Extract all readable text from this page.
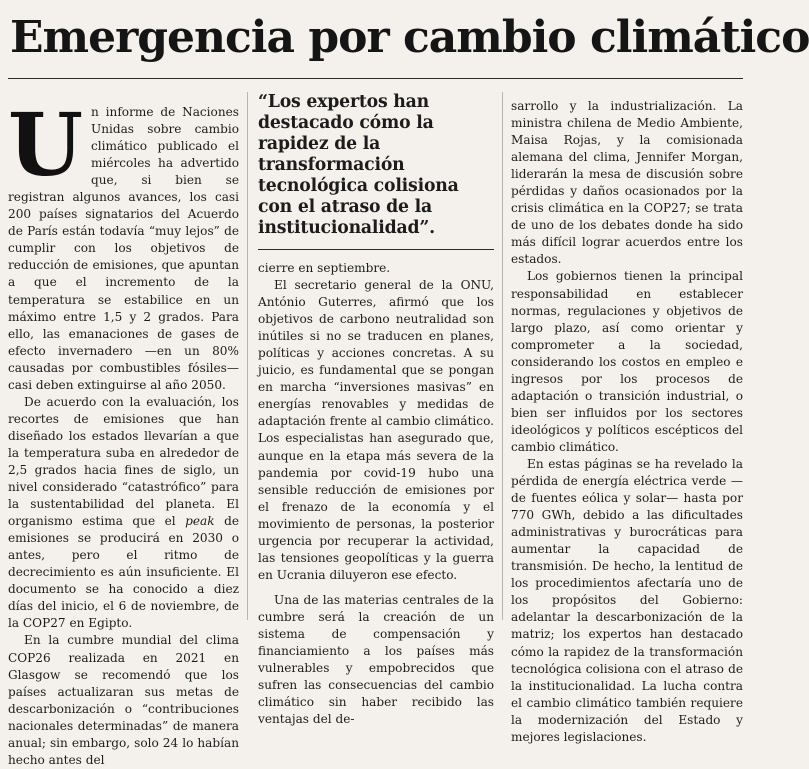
Emergencia por cambio climático
U n informe de Naciones Unidas sobre cambio climático publicado el miércoles ha advertido que, si bien se registran algunos avances, los casi 200 países signatarios del Acuerdo de París están todavía “muy lejos” de cumplir con los objetivos de reducción de emisiones, que apuntan a que el incremento de la temperatura se estabilice en un máximo entre 1,5 y 2 grados. Para ello, las emanaciones de gases de efecto invernadero —en un 80% causadas por combustibles fósiles— casi deben extinguirse al año 2050.

De acuerdo con la evaluación, los recortes de emisiones que han diseñado los estados llevarían a que la temperatura suba en alrededor de 2,5 grados hacia fines de siglo, un nivel considerado “catastrófico” para la sustentabilidad del planeta. El organismo estima que el peak de emisiones se producirá en 2030 o antes, pero el ritmo de decrecimiento es aún insuficiente. El documento se ha conocido a diez días del inicio, el 6 de noviembre, de la COP27 en Egipto.

En la cumbre mundial del clima COP26 realizada en 2021 en Glasgow se recomendó que los países actualizaran sus metas de descarbonización o “contribuciones nacionales determinadas” de manera anual; sin embargo, solo 24 lo habían hecho antes del

“Los expertos han destacado cómo la rapidez de la transformación tecnológica colisiona con el atraso de la institucionalidad”.

cierre en septiembre.

El secretario general de la ONU, António Guterres, afirmó que los objetivos de carbono neutralidad son inútiles si no se traducen en planes, políticas y acciones concretas. A su juicio, es fundamental que se pongan en marcha “inversiones masivas” en energías renovables y medidas de adaptación frente al cambio climático. Los especialistas han asegurado que, aunque en la etapa más severa de la pandemia por covid-19 hubo una sensible reducción de emisiones por el frenazo de la economía y el movimiento de personas, la posterior urgencia por recuperar la actividad, las tensiones geopolíticas y la guerra en Ucrania diluyeron ese efecto.

Una de las materias centrales de la cumbre será la creación de un sistema de compensación y financiamiento a los países más vulnerables y empobrecidos que sufren las consecuencias del cambio climático sin haber recibido las ventajas del de-

sarrollo y la industrialización. La ministra chilena de Medio Ambiente, Maisa Rojas, y la comisionada alemana del clima, Jennifer Morgan, liderarán la mesa de discusión sobre pérdidas y daños ocasionados por la crisis climática en la COP27; se trata de uno de los debates donde ha sido más difícil lograr acuerdos entre los estados.

Los gobiernos tienen la principal responsabilidad en establecer normas, regulaciones y objetivos de largo plazo, así como orientar y comprometer a la sociedad, considerando los costos en empleo e ingresos por los procesos de adaptación o transición industrial, o bien ser influidos por los sectores ideológicos y políticos escépticos del cambio climático.

En estas páginas se ha revelado la pérdida de energía eléctrica verde —de fuentes eólica y solar— hasta por 770 GWh, debido a las dificultades administrativas y burocráticas para aumentar la capacidad de transmisión. De hecho, la lentitud de los procedimientos afectaría uno de los propósitos del Gobierno: adelantar la descarbonización de la matriz; los expertos han destacado cómo la rapidez de la transformación tecnológica colisiona con el atraso de la institucionalidad. La lucha contra el cambio climático también requiere la modernización del Estado y mejores legislaciones.
